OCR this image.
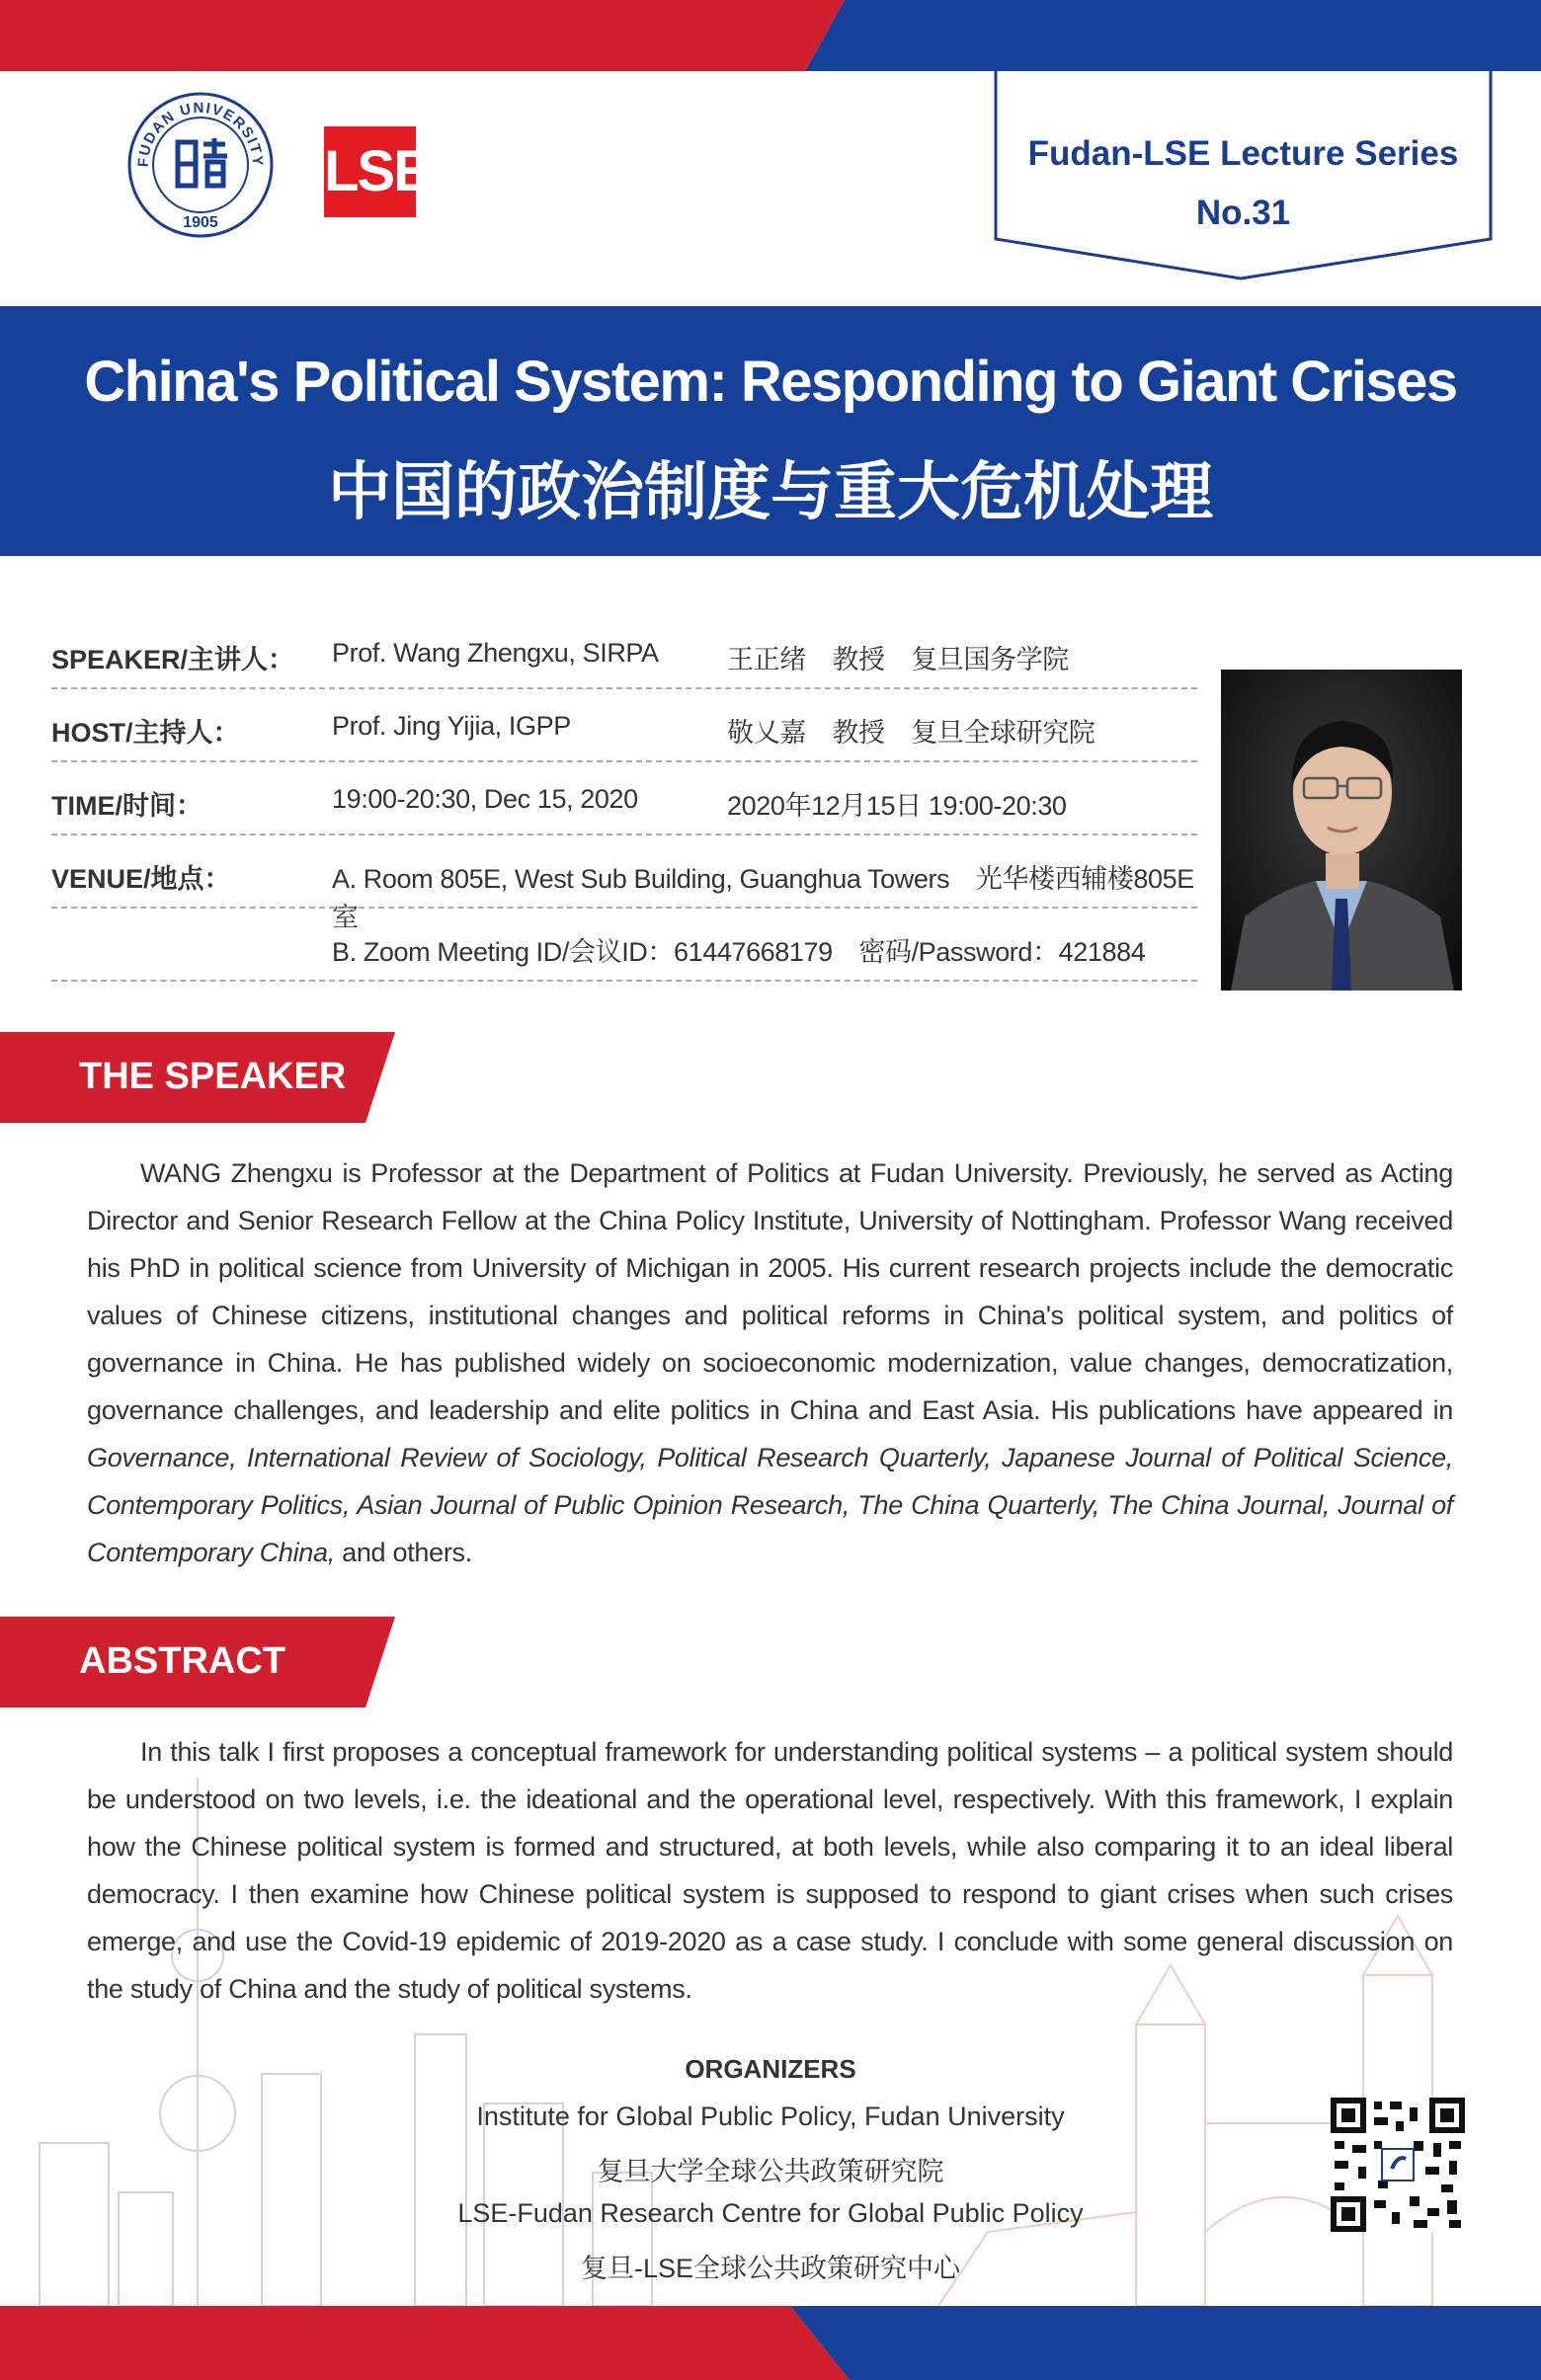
FUDAN UNIVERSITY
1905
LSE	Fudan-LSE Lecture Series
No.31
China's Political System: Responding to Giant Crises
中国的政治制度与重大危机处理
SPEAKER/主讲人： Prof. Wang Zhengxu, SIRPA	王正绪　教授　复旦国务学院
HOST/主持人：	Prof. Jing Yijia, IGPP	敬乂嘉　教授　复旦全球研究院
TIME/时间：	19:00-20:30, Dec 15, 2020	2020年12月15日 19:00-20:30
VENUE/地点：	A. Room 805E, West Sub Building, Guanghua Towers　光华楼西辅楼805E室
B. Zoom Meeting ID/会议ID：61447668179　密码/Password：421884
THE SPEAKER
WANG Zhengxu is Professor at the Department of Politics at Fudan University. Previously, he served as Acting Director and Senior Research Fellow at the China Policy Institute, University of Nottingham. Professor Wang received his PhD in political science from University of Michigan in 2005. His current research projects include the democratic values of Chinese citizens, institutional changes and political reforms in China's political system, and politics of governance in China. He has published widely on socioeconomic modernization, value changes, democratization, governance challenges, and leadership and elite politics in China and East Asia. His publications have appeared in Governance, International Review of Sociology, Political Research Quarterly, Japanese Journal of Political Science, Contemporary Politics, Asian Journal of Public Opinion Research, The China Quarterly, The China Journal, Journal of Contemporary China, and others.
ABSTRACT
In this talk I first proposes a conceptual framework for understanding political systems – a political system should be understood on two levels, i.e. the ideational and the operational level, respectively. With this framework, I explain how the Chinese political system is formed and structured, at both levels, while also comparing it to an ideal liberal democracy. I then examine how Chinese political system is supposed to respond to giant crises when such crises emerge, and use the Covid-19 epidemic of 2019-2020 as a case study. I conclude with some general discussion on the study of China and the study of political systems.
ORGANIZERS
Institute for Global Public Policy, Fudan University
复旦大学全球公共政策研究院
LSE-Fudan Research Centre for Global Public Policy
复旦-LSE全球公共政策研究中心
